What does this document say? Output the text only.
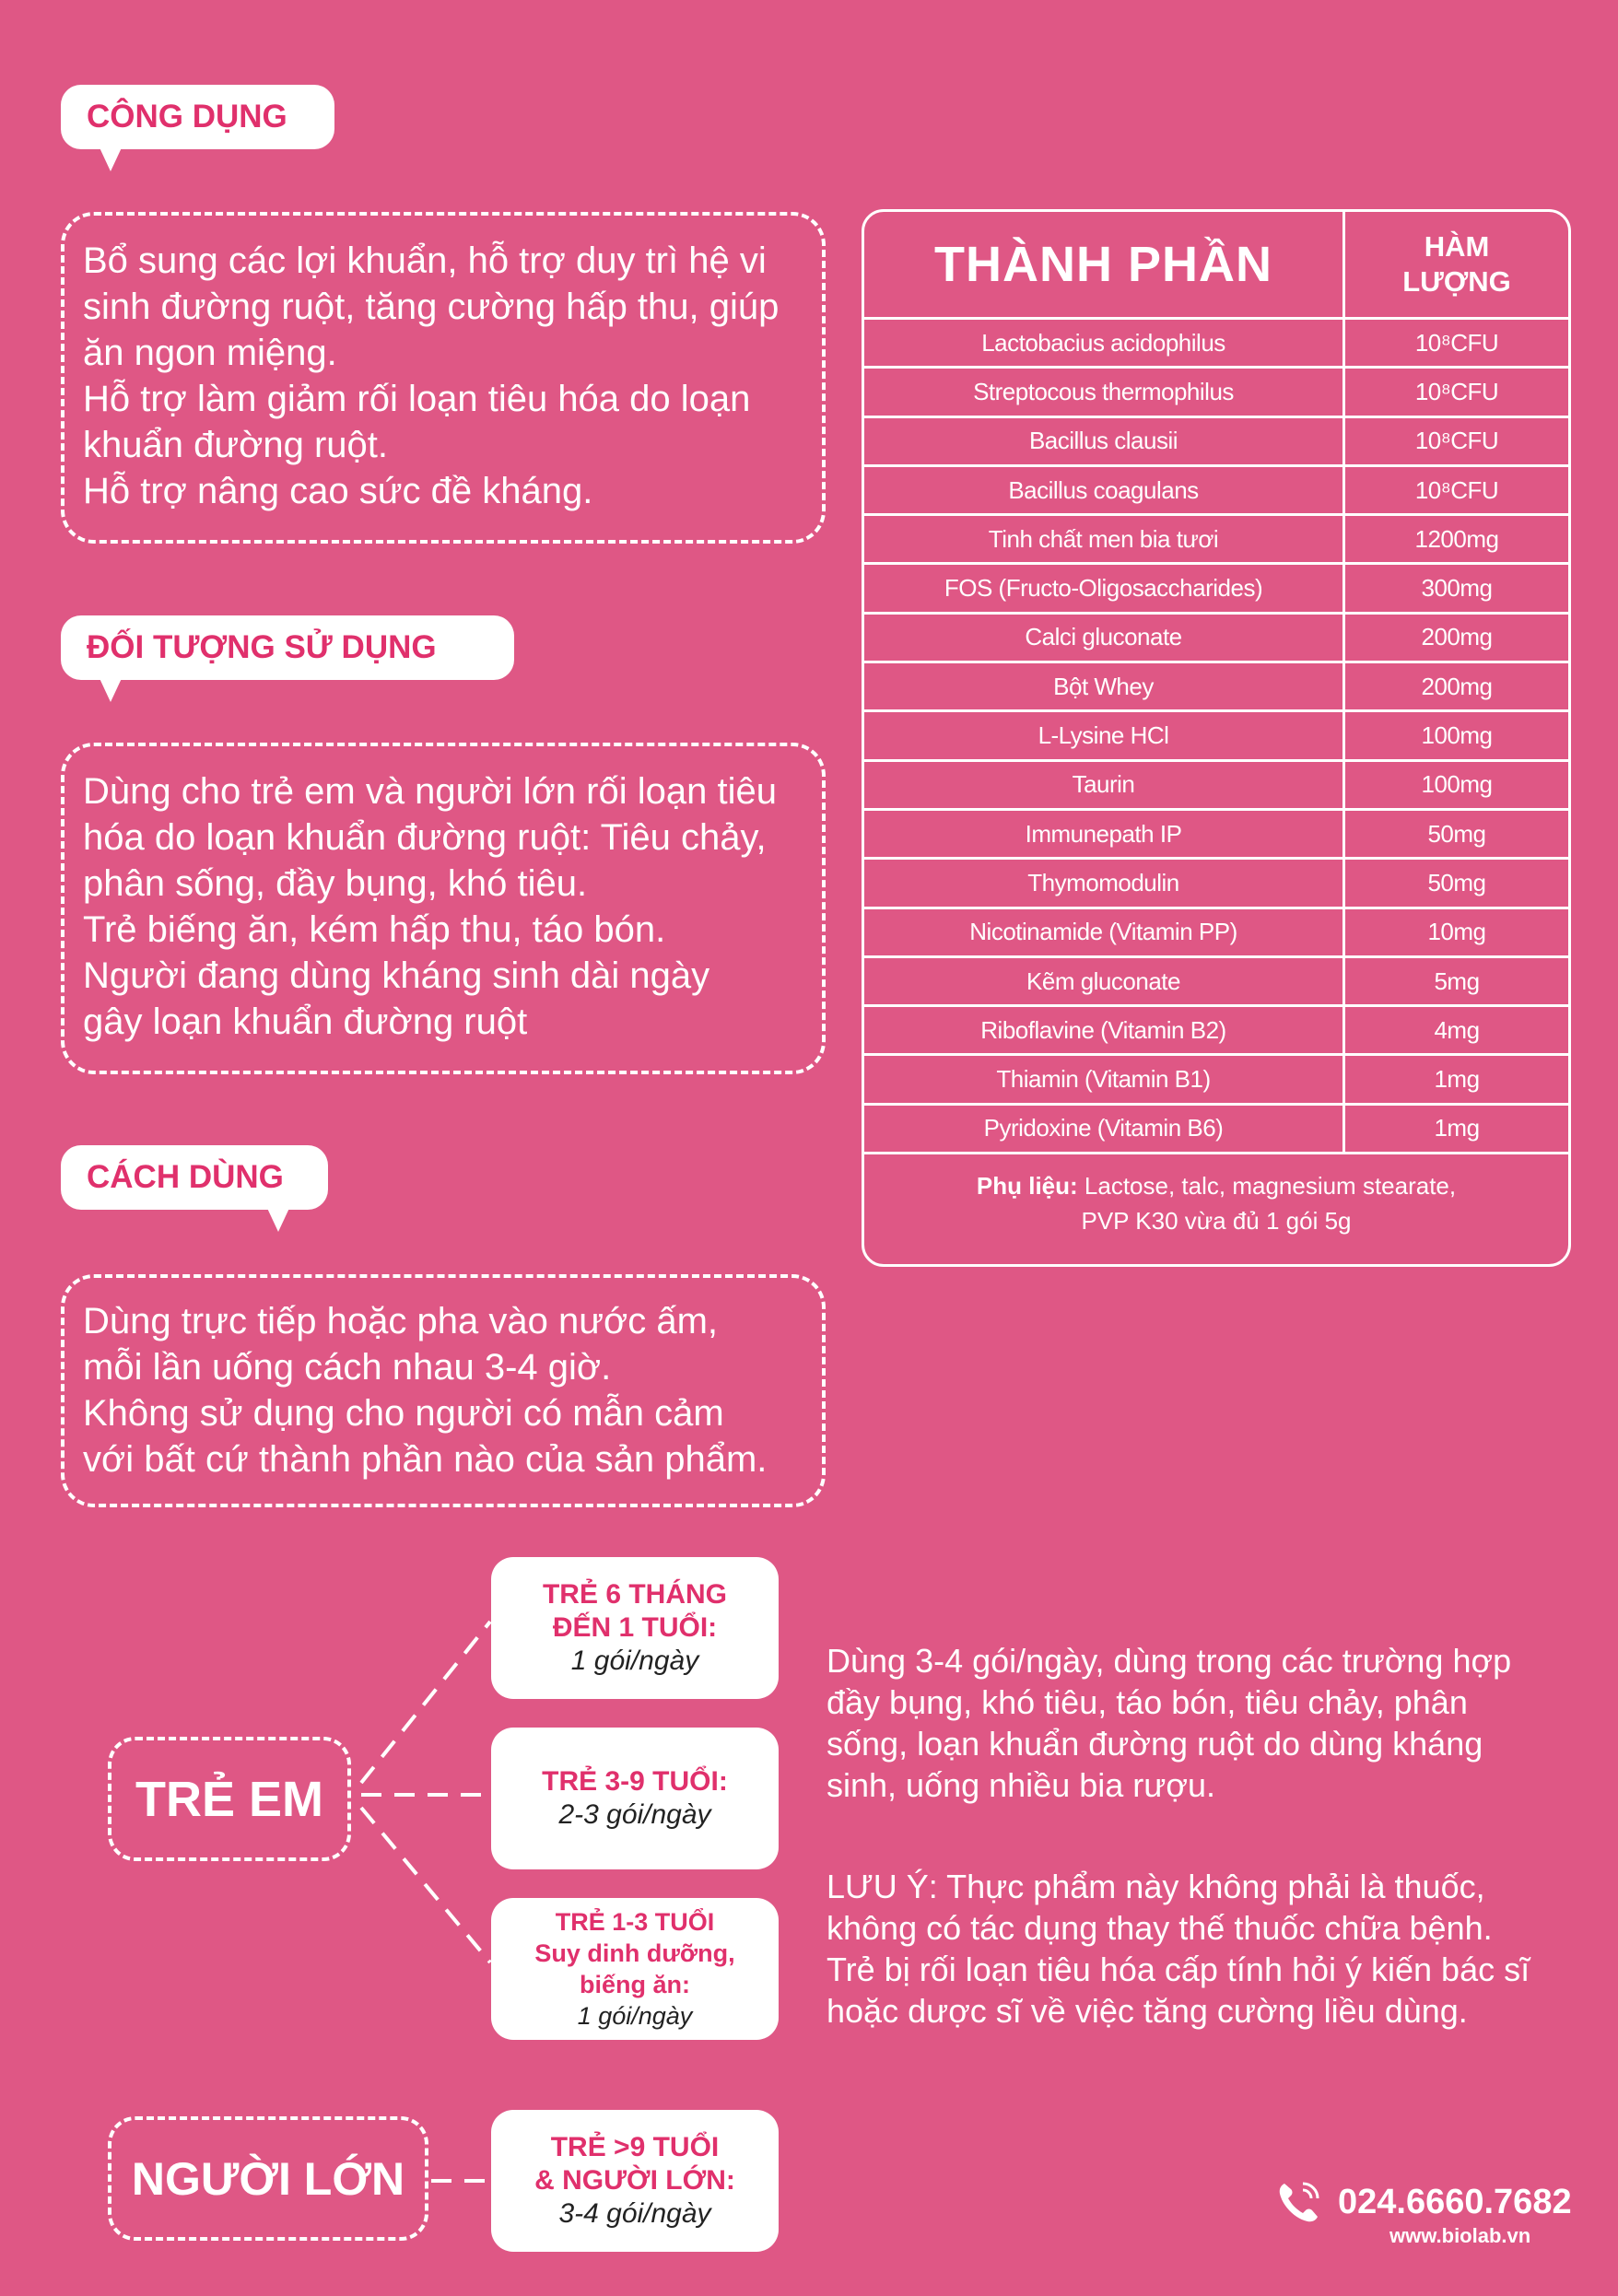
CÔNG DỤNG
Bổ sung các lợi khuẩn, hỗ trợ duy trì hệ vi
sinh đường ruột, tăng cường hấp thu, giúp
ăn ngon miệng.
Hỗ trợ làm giảm rối loạn tiêu hóa do loạn
khuẩn đường ruột.
Hỗ trợ nâng cao sức đề kháng.
ĐỐI TƯỢNG SỬ DỤNG
Dùng cho trẻ em và người lớn rối loạn tiêu
hóa do loạn khuẩn đường ruột: Tiêu chảy,
phân sống, đầy bụng, khó tiêu.
Trẻ biếng ăn, kém hấp thu, táo bón.
Người đang dùng kháng sinh dài ngày
gây loạn khuẩn đường ruột
CÁCH DÙNG
Dùng trực tiếp hoặc pha vào nước ấm,
mỗi lần uống cách nhau 3-4 giờ.
Không sử dụng cho người có mẫn cảm
với bất cứ thành phần nào của sản phẩm.
THÀNH PHẦN	HÀM
LƯỢNG
Lactobacius acidophilus	10⁸CFU
Streptocous thermophilus	10⁸CFU
Bacillus clausii	10⁸CFU
Bacillus coagulans	10⁸CFU
Tinh chất men bia tươi	1200mg
FOS (Fructo-Oligosaccharides)	300mg
Calci gluconate	200mg
Bột Whey	200mg
L-Lysine HCl	100mg
Taurin	100mg
Immunepath IP	50mg
Thymomodulin	50mg
Nicotinamide (Vitamin PP)	10mg
Kẽm gluconate	5mg
Riboflavine (Vitamin B2)	4mg
Thiamin (Vitamin B1)	1mg
Pyridoxine (Vitamin B6)	1mg
Phụ liệu: Lactose, talc, magnesium stearate,
PVP K30 vừa đủ 1 gói 5g
TRẺ EM
NGƯỜI LỚN
TRẺ 6 THÁNG
ĐẾN 1 TUỔI:
1 gói/ngày
TRẺ 3-9 TUỔI:
2-3 gói/ngày
TRẺ 1-3 TUỔI
Suy dinh dưỡng,
biếng ăn:
1 gói/ngày
TRẺ >9 TUỔI
& NGƯỜI LỚN:
3-4 gói/ngày
Dùng 3-4 gói/ngày, dùng trong các trường hợp
đầy bụng, khó tiêu, táo bón, tiêu chảy, phân
sống, loạn khuẩn đường ruột do dùng kháng
sinh, uống nhiều bia rượu.
LƯU Ý: Thực phẩm này không phải là thuốc,
không có tác dụng thay thế thuốc chữa bệnh.
Trẻ bị rối loạn tiêu hóa cấp tính hỏi ý kiến bác sĩ
hoặc dược sĩ về việc tăng cường liều dùng.
024.6660.7682
www.biolab.vn
